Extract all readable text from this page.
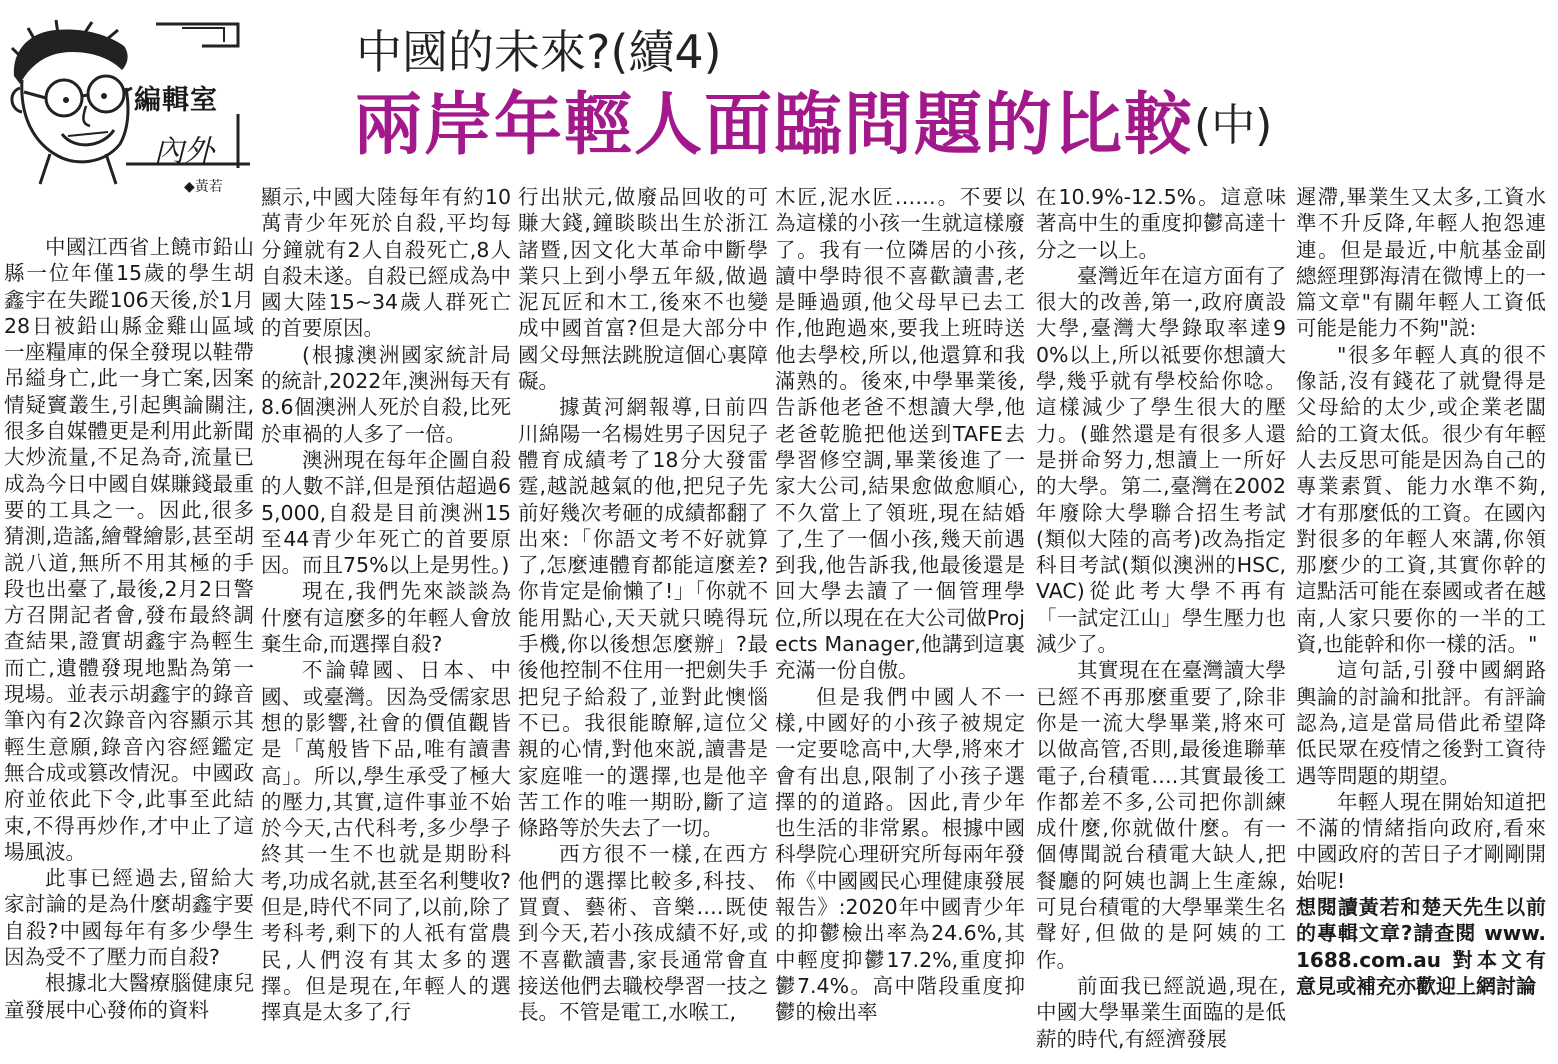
編輯室
內外
◆黃若
中國的未來?(續4)
兩岸年輕人面臨問題的比較(中)

中國江西省上饒市鉛山縣一位年僅15歲的學生胡鑫宇在失蹤106天後,於1月28日被鉛山縣金雞山區域一座糧庫的保全發現以鞋帶吊縊身亡,此一身亡案,因案情疑竇叢生,引起輿論關注,很多自媒體更是利用此新聞大炒流量,不足為奇,流量已成為今日中國自媒賺錢最重要的工具之一。因此,很多猜測,造謠,繪聲繪影,甚至胡説八道,無所不用其極的手段也出臺了,最後,2月2日警方召開記者會,發布最終調查結果,證實胡鑫宇為輕生而亡,遺體發現地點為第一現場。並表示胡鑫宇的錄音筆內有2次錄音內容顯示其輕生意願,錄音內容經鑑定無合成或篡改情況。中國政府並依此下令,此事至此結束,不得再炒作,才中止了這場風波。

此事已經過去,留給大家討論的是為什麼胡鑫宇要自殺?中國每年有多少學生因為受不了壓力而自殺?

根據北大醫療腦健康兒童發展中心發佈的資料

顯示,中國大陸每年有約10萬青少年死於自殺,平均每分鐘就有2人自殺死亡,8人自殺未遂。自殺已經成為中國大陸15~34歲人群死亡的首要原因。

(根據澳洲國家統計局的統計,2022年,澳洲每天有8.6個澳洲人死於自殺,比死於車禍的人多了一倍。

澳洲現在每年企圖自殺的人數不詳,但是預估超過65,000,自殺是目前澳洲15至44青少年死亡的首要原因。而且75%以上是男性。)

現在,我們先來談談為什麼有這麼多的年輕人會放棄生命,而選擇自殺?

不論韓國、日本、中國、或臺灣。因為受儒家思想的影響,社會的價值觀皆是「萬般皆下品,唯有讀書高」。所以,學生承受了極大的壓力,其實,這件事並不始於今天,古代科考,多少學子終其一生不也就是期盼科考,功成名就,甚至名利雙收?但是,時代不同了,以前,除了考科考,剩下的人祇有當農民,人們沒有其太多的選擇。但是現在,年輕人的選擇真是太多了,行

行出狀元,做廢品回收的可賺大錢,鐘睒睒出生於浙江諸暨,因文化大革命中斷學業只上到小學五年級,做過泥瓦匠和木工,後來不也變成中國首富?但是大部分中國父母無法跳脫這個心裏障礙。

據黃河網報導,日前四川綿陽一名楊姓男子因兒子體育成績考了18分大發雷霆,越説越氣的他,把兒子先前好幾次考砸的成績都翻了出來:「你語文考不好就算了,怎麼連體育都能這麼差?你肯定是偷懶了!」「你就不能用點心,天天就只曉得玩手機,你以後想怎麼辦」?最後他控制不住用一把劍失手把兒子給殺了,並對此懊惱不已。我很能瞭解,這位父親的心情,對他來説,讀書是家庭唯一的選擇,也是他辛苦工作的唯一期盼,斷了這條路等於失去了一切。

西方很不一樣,在西方他們的選擇比較多,科技、買賣、藝術、音樂….既使到今天,若小孩成績不好,或不喜歡讀書,家長通常會直接送他們去職校學習一技之長。不管是電工,水喉工,

木匠,泥水匠……。不要以為這樣的小孩一生就這樣廢了。我有一位隣居的小孩,讀中學時很不喜歡讀書,老是睡過頭,他父母早已去工作,他跑過來,要我上班時送他去學校,所以,他還算和我滿熟的。後來,中學畢業後,告訴他老爸不想讀大學,他老爸乾脆把他送到TAFE去學習修空調,畢業後進了一家大公司,結果愈做愈順心,不久當上了領班,現在結婚了,生了一個小孩,幾天前遇到我,他告訴我,他最後還是回大學去讀了一個管理學位,所以現在在大公司做Projects Manager,他講到這裏充滿一份自傲。

但是我們中國人不一樣,中國好的小孩子被規定一定要唸高中,大學,將來才會有出息,限制了小孩子選擇的的道路。因此,青少年也生活的非常累。根據中國科學院心理研究所每兩年發佈《中國國民心理健康發展報告》:2020年中國青少年的抑鬱檢出率為24.6%,其中輕度抑鬱17.2%,重度抑鬱7.4%。高中階段重度抑鬱的檢出率

在10.9%-12.5%。這意味著高中生的重度抑鬱高達十分之一以上。

臺灣近年在這方面有了很大的改善,第一,政府廣設大學,臺灣大學錄取率達90%以上,所以祗要你想讀大學,幾乎就有學校給你唸。這樣減少了學生很大的壓力。(雖然還是有很多人還是拼命努力,想讀上一所好的大學。第二,臺灣在2002年廢除大學聯合招生考試(類似大陸的高考)改為指定科目考試(類似澳洲的HSC,VAC)從此考大學不再有「一試定江山」學生壓力也減少了。

其實現在在臺灣讀大學已經不再那麼重要了,除非你是一流大學畢業,將來可以做高管,否則,最後進聯華電子,台積電….其實最後工作都差不多,公司把你訓練成什麼,你就做什麼。有一個傳聞説台積電大缺人,把餐廳的阿姨也調上生產線,可見台積電的大學畢業生名聲好,但做的是阿姨的工作。

前面我已經説過,現在,中國大學畢業生面臨的是低薪的時代,有經濟發展

遲滯,畢業生又太多,工資水準不升反降,年輕人抱怨連連。但是最近,中航基金副總經理鄧海清在微博上的一篇文章"有關年輕人工資低可能是能力不夠"説:

"很多年輕人真的很不像話,沒有錢花了就覺得是父母給的太少,或企業老闆給的工資太低。很少有年輕人去反思可能是因為自己的專業素質、能力水準不夠,才有那麼低的工資。在國內對很多的年輕人來講,你領那麼少的工資,其實你幹的這點活可能在泰國或者在越南,人家只要你的一半的工資,也能幹和你一樣的活。"

這句話,引發中國網路輿論的討論和批評。有評論認為,這是當局借此希望降低民眾在疫情之後對工資待遇等問題的期望。

年輕人現在開始知道把不滿的情緒指向政府,看來中國政府的苦日子才剛剛開始呢!

想閱讀黃若和楚天先生以前的專輯文章?請查閱 www.1688.com.au 對本文有意見或補充亦歡迎上網討論
